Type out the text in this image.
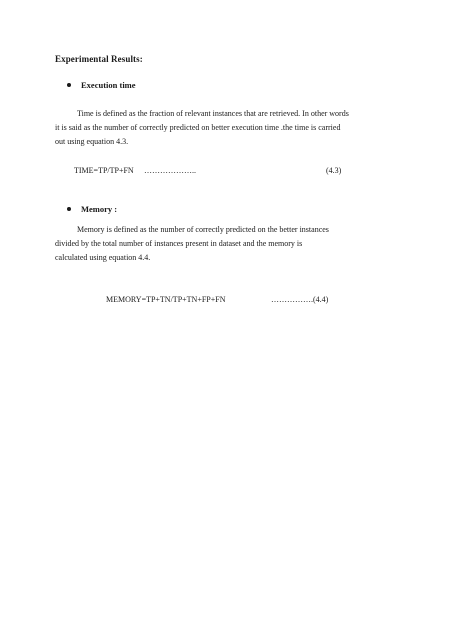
Experimental Results:
Execution time
Time is defined as the fraction of relevant instances that are retrieved. In other words
it is said as the number of correctly predicted on better execution time .the time is carried
out using equation 4.3.
TIME=TP/TP+FN ………………..	(4.3)
Memory :
Memory is defined as the number of correctly predicted on the better instances
divided by the total number of instances present in dataset and the memory is
calculated using equation 4.4.
MEMORY=TP+TN/TP+TN+FP+FN	…………….(4.4)
